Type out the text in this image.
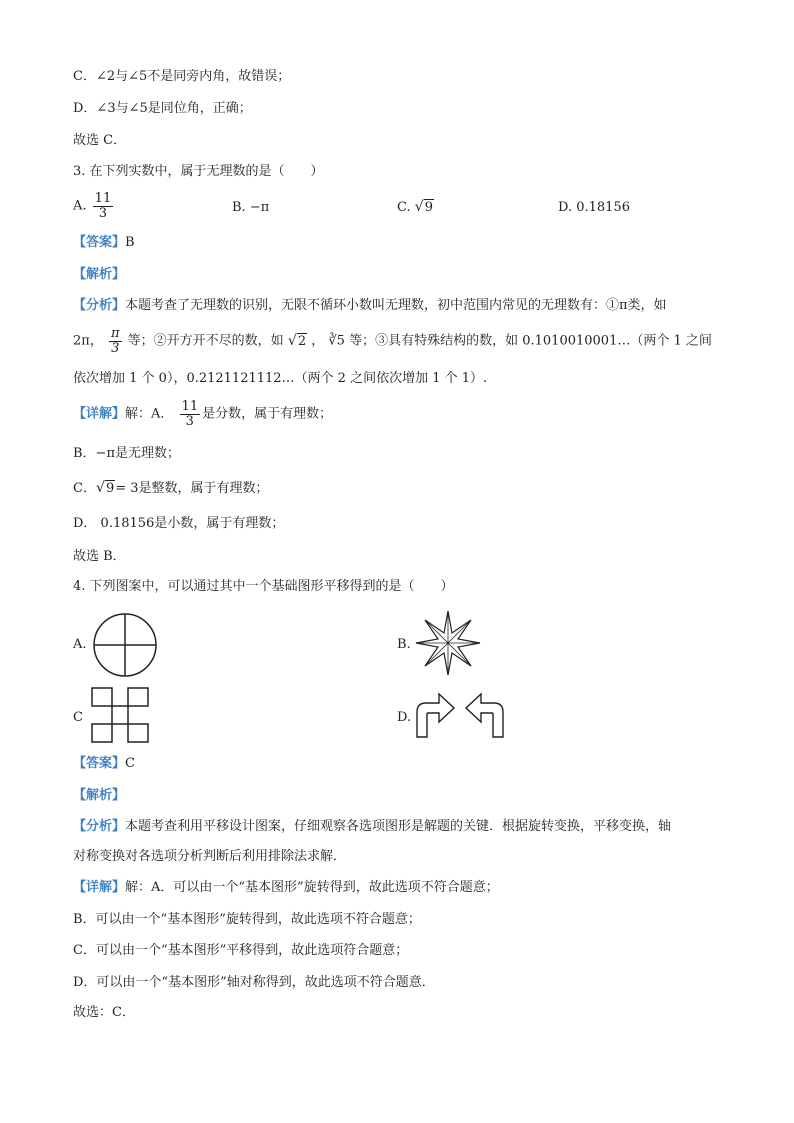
C．∠2与∠5不是同旁内角，故错误；
D．∠3与∠5是同位角，正确；
故选 C．
3. 在下列实数中，属于无理数的是（　　）
A. $\frac{11}{3}$	B. −π	C. √ 9	D. 0.18156
【答案】B
【解析】
【分析】本题考查了无理数的识别，无限不循环小数叫无理数，初中范围内常见的无理数有：①π类，如
2π， $\frac{\pi}{3}$ 等；②开方开不尽的数，如 √ 2 ， ∛5 等；③具有特殊结构的数，如 0.1010010001…（两个 1 之间
依次增加 1 个 0），0.2121121112…（两个 2 之间依次增加 1 个 1）.
【详解】解：A． $\frac{11}{3}$ 是分数，属于有理数；
B．−π是无理数；
C． √ 9= 3是整数，属于有理数；
D． 0.18156是小数，属于有理数；
故选 B．
4. 下列图案中，可以通过其中一个基础图形平移得到的是（　　）
A.	B.
C	D.
【答案】C
【解析】
【分析】本题考查利用平移设计图案，仔细观察各选项图形是解题的关键．根据旋转变换，平移变换，轴
对称变换对各选项分析判断后利用排除法求解．
【详解】解：A．可以由一个“基本图形”旋转得到，故此选项不符合题意；
B．可以由一个“基本图形”旋转得到，故此选项不符合题意；
C．可以由一个“基本图形”平移得到，故此选项符合题意；
D．可以由一个“基本图形”轴对称得到，故此选项不符合题意．
故选：C．
